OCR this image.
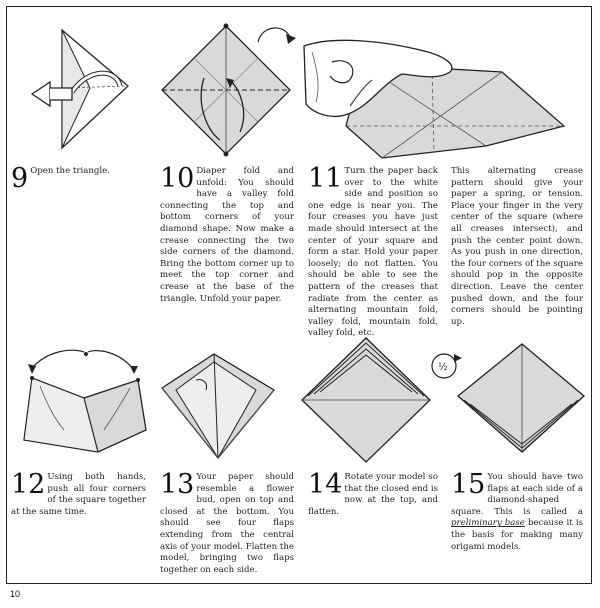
9 Open the triangle.	10 Diaper fold and unfold: You should have a valley fold connecting the top and bottom corners of your diamond shape. Now make a crease connecting the two side corners of the diamond. Bring the bottom corner up to meet the top corner and crease at the base of the triangle. Unfold your paper.
11 Turn the paper back over to the white side and position so one edge is near you. The four creases you have just made should intersect at the center of your square and form a star. Hold your paper loosely; do not flatten. You should be able to see the pattern of the creases that radiate from the center as alternating mountain fold, valley fold, mountain fold, valley fold, etc.
This alternating crease pattern should give your paper a spring, or tension. Place your finger in the very center of the square (where all creases intersect), and push the center point down. As you push in one direction, the four corners of the square should pop in the opposite direction. Leave the center pushed down, and the four corners should be pointing up.
½
12 Using both hands, push all four corners of the square together at the same time.
13 Your paper should resemble a flower bud, open on top and closed at the bottom. You should see four flaps extending from the central axis of your model. Flatten the model, bringing two flaps together on each side.
14 Rotate your model so that the closed end is now at the top, and flatten.
15 You should have two flaps at each side of a diamond-shaped square. This is called a preliminary base because it is the basis for making many origami models.
10
